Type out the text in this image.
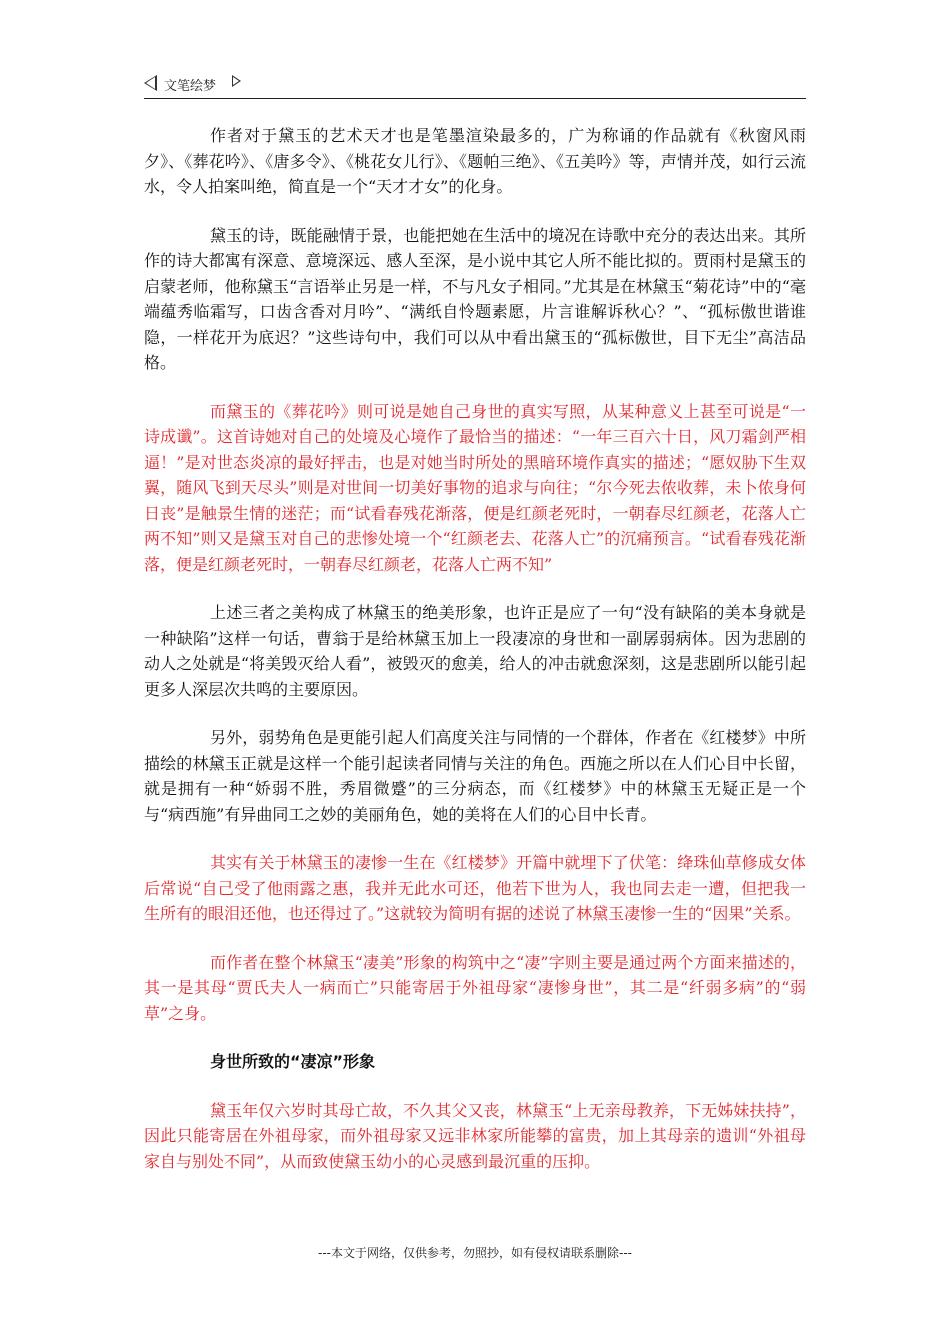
文笔绘梦

作者对于黛玉的艺术天才也是笔墨渲染最多的，广为称诵的作品就有《秋窗风雨夕》、《葬花吟》、《唐多令》、《桃花女儿行》、《题帕三绝》、《五美吟》等，声情并茂，如行云流水，令人拍案叫绝，简直是一个“天才才女”的化身。

黛玉的诗，既能融情于景，也能把她在生活中的境况在诗歌中充分的表达出来。其所作的诗大都寓有深意、意境深远、感人至深，是小说中其它人所不能比拟的。贾雨村是黛玉的启蒙老师，他称黛玉“言语举止另是一样，不与凡女子相同。”尤其是在林黛玉“菊花诗”中的“毫端蕴秀临霜写，口齿含香对月吟”、“满纸自怜题素愿，片言谁解诉秋心？”、“孤标傲世谐谁隐，一样花开为底迟？”这些诗句中，我们可以从中看出黛玉的“孤标傲世，目下无尘”高洁品格。

而黛玉的《葬花吟》则可说是她自己身世的真实写照，从某种意义上甚至可说是“一诗成谶”。这首诗她对自己的处境及心境作了最恰当的描述：“一年三百六十日，风刀霜剑严相逼！”是对世态炎凉的最好抨击，也是对她当时所处的黑暗环境作真实的描述；“愿奴胁下生双翼，随风飞到天尽头”则是对世间一切美好事物的追求与向往；“尔今死去侬收葬，未卜侬身何日丧”是触景生情的迷茫；而“试看春残花渐落，便是红颜老死时，一朝春尽红颜老，花落人亡两不知”则又是黛玉对自己的悲惨处境一个“红颜老去、花落人亡”的沉痛预言。“试看春残花渐落，便是红颜老死时，一朝春尽红颜老，花落人亡两不知”

上述三者之美构成了林黛玉的绝美形象，也许正是应了一句“没有缺陷的美本身就是一种缺陷”这样一句话，曹翁于是给林黛玉加上一段凄凉的身世和一副孱弱病体。因为悲剧的动人之处就是“将美毁灭给人看”，被毁灭的愈美，给人的冲击就愈深刻，这是悲剧所以能引起更多人深层次共鸣的主要原因。

另外，弱势角色是更能引起人们高度关注与同情的一个群体，作者在《红楼梦》中所描绘的林黛玉正就是这样一个能引起读者同情与关注的角色。西施之所以在人们心目中长留，就是拥有一种“娇弱不胜，秀眉微蹙”的三分病态，而《红楼梦》中的林黛玉无疑正是一个与“病西施”有异曲同工之妙的美丽角色，她的美将在人们的心目中长青。

其实有关于林黛玉的凄惨一生在《红楼梦》开篇中就埋下了伏笔：绛珠仙草修成女体后常说“自己受了他雨露之惠，我并无此水可还，他若下世为人，我也同去走一遭，但把我一生所有的眼泪还他，也还得过了。”这就较为简明有据的述说了林黛玉凄惨一生的“因果”关系。

而作者在整个林黛玉“凄美”形象的构筑中之“凄”字则主要是通过两个方面来描述的，其一是其母“贾氏夫人一病而亡”只能寄居于外祖母家“凄惨身世”，其二是“纤弱多病”的“弱草”之身。

身世所致的“凄凉”形象

黛玉年仅六岁时其母亡故，不久其父又丧，林黛玉“上无亲母教养，下无姊妹扶持”，因此只能寄居在外祖母家，而外祖母家又远非林家所能攀的富贵，加上其母亲的遗训“外祖母家自与别处不同”，从而致使黛玉幼小的心灵感到最沉重的压抑。

---本文于网络，仅供参考，勿照抄，如有侵权请联系删除---
